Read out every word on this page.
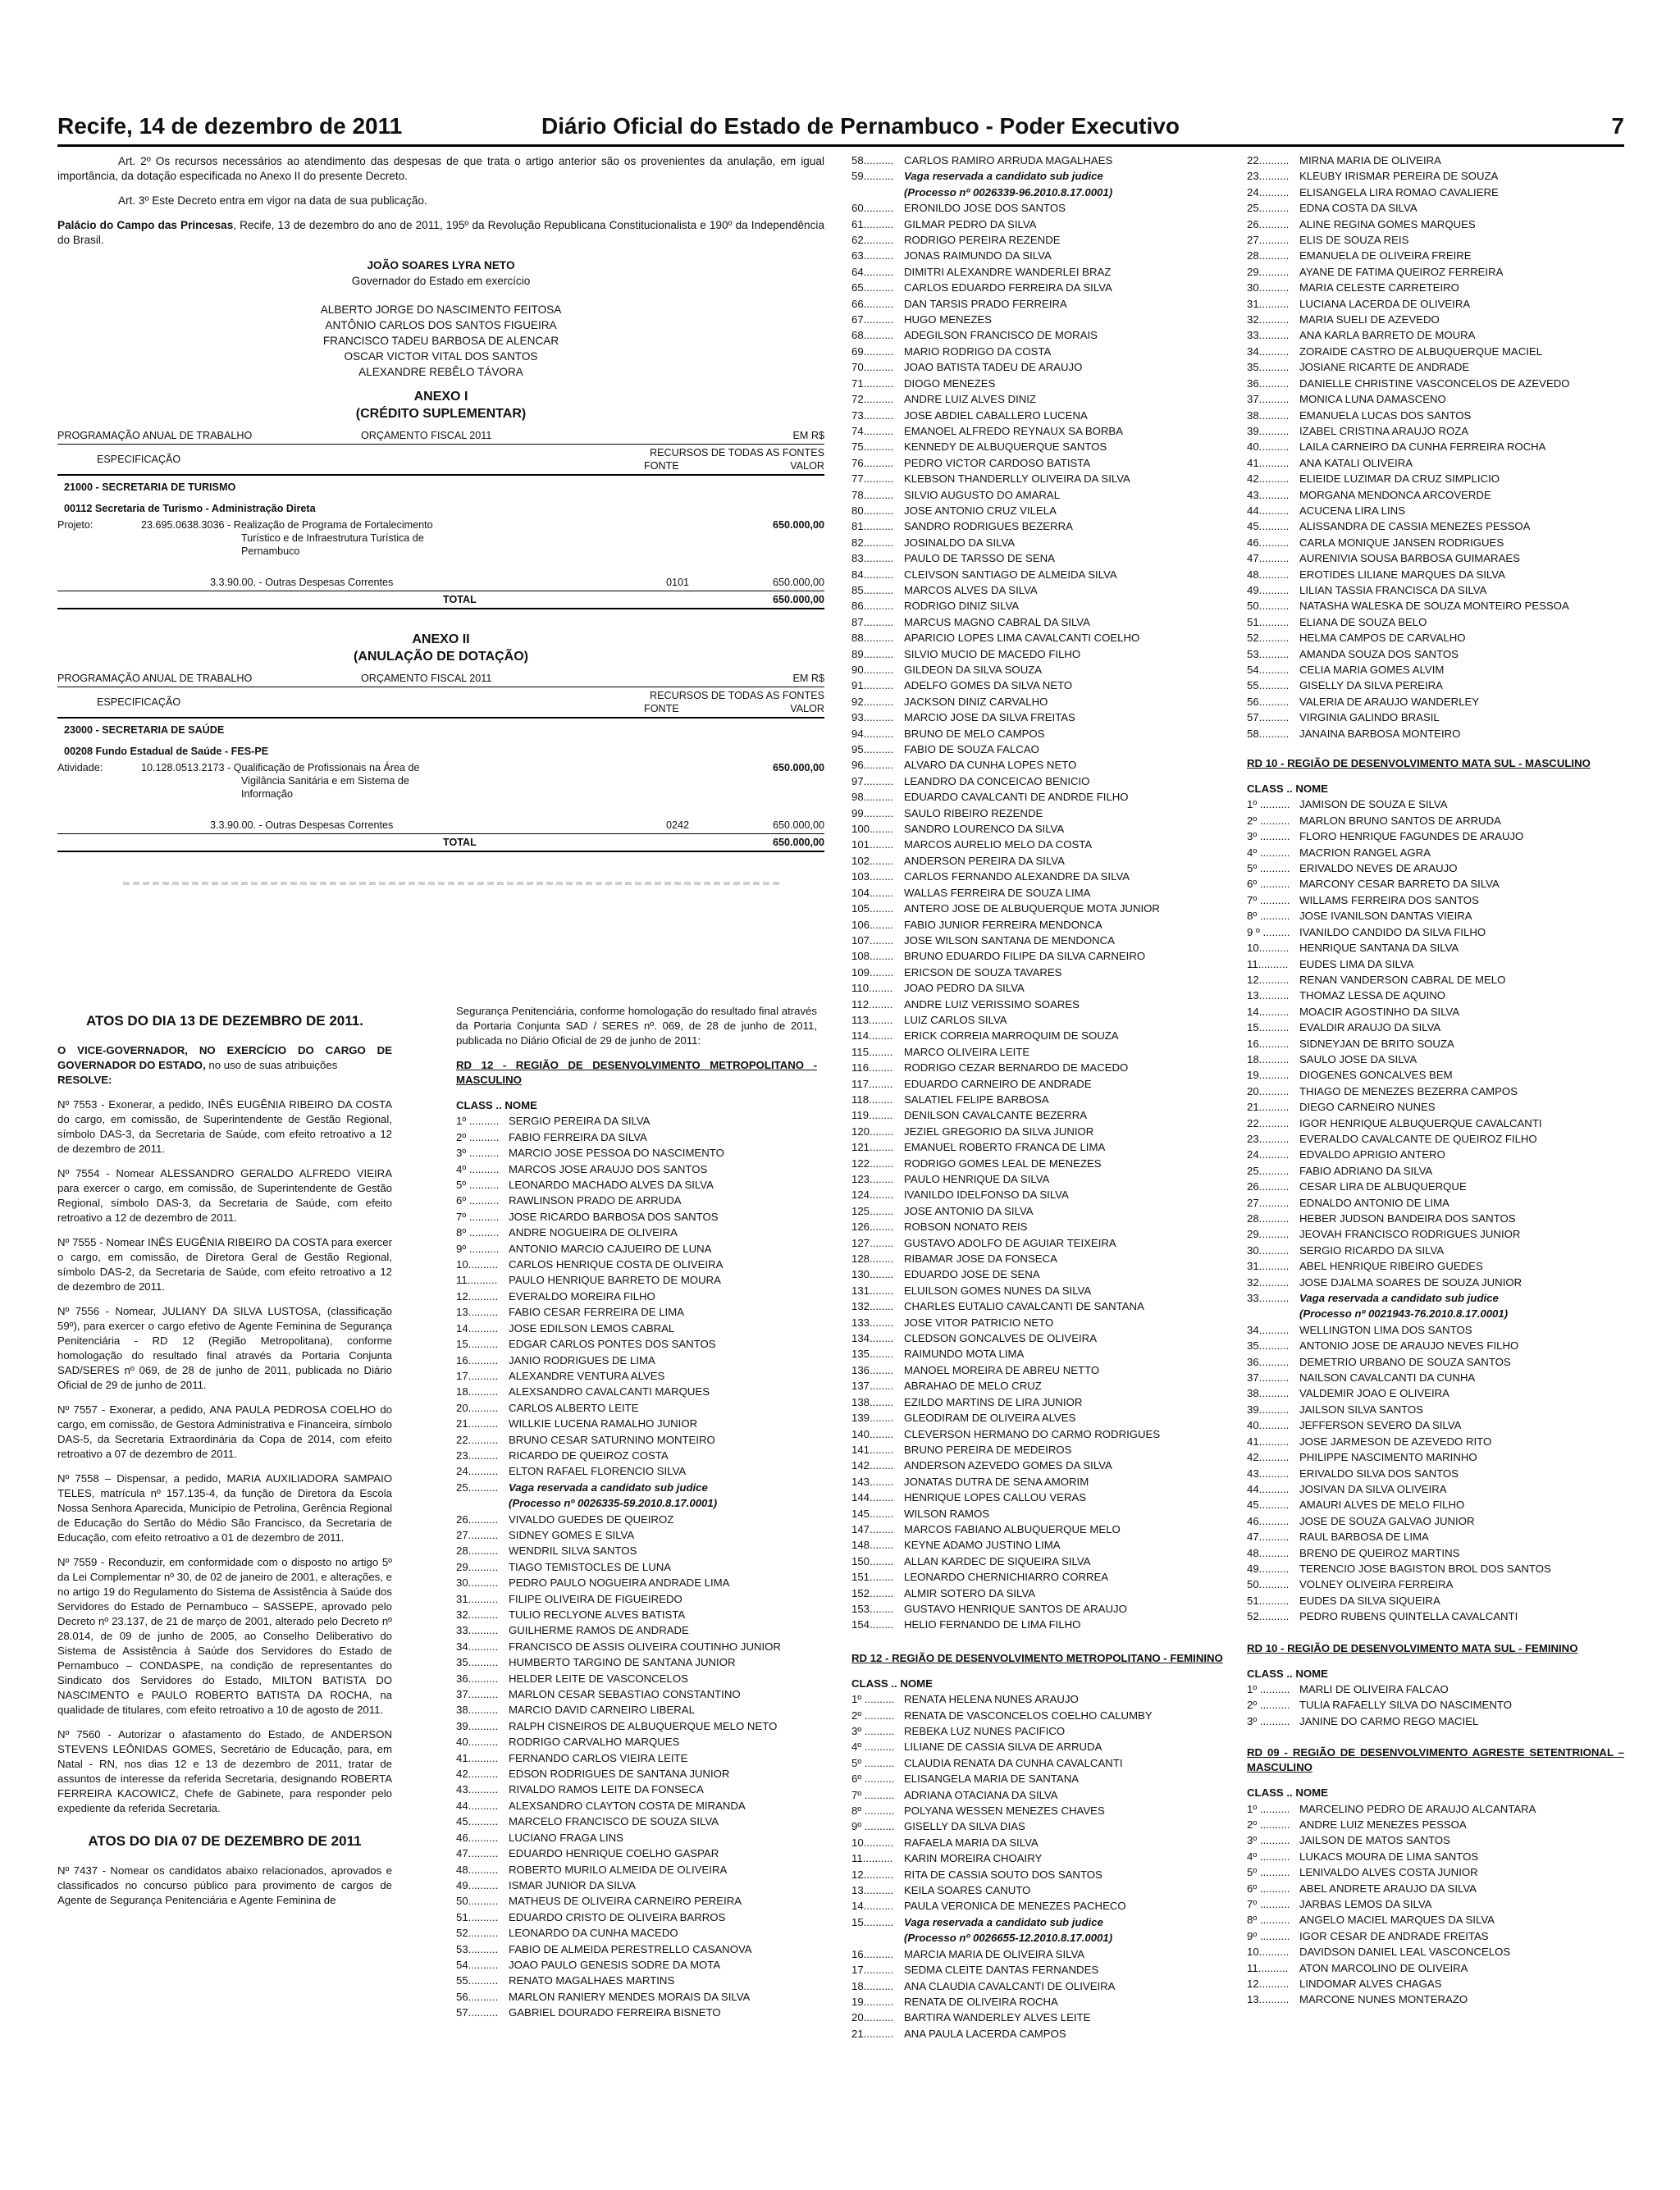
Recife, 14 de dezembro de 2011	Diário Oficial do Estado de Pernambuco - Poder Executivo	7

Art. 2º Os recursos necessários ao atendimento das despesas de que trata o artigo anterior são os provenientes da anulação, em igual importância, da dotação especificada no Anexo II do presente Decreto.

Art. 3º Este Decreto entra em vigor na data de sua publicação.

Palácio do Campo das Princesas, Recife, 13 de dezembro do ano de 2011, 195º da Revolução Republicana Constitucionalista e 190º da Independência do Brasil.

JOÃO SOARES LYRA NETO
Governador do Estado em exercício
ALBERTO JORGE DO NASCIMENTO FEITOSA
ANTÔNIO CARLOS DOS SANTOS FIGUEIRA
FRANCISCO TADEU BARBOSA DE ALENCAR
OSCAR VICTOR VITAL DOS SANTOS
ALEXANDRE REBÊLO TÁVORA
ANEXO I
(CRÉDITO SUPLEMENTAR)
PROGRAMAÇÃO ANUAL DE TRABALHO	ORÇAMENTO FISCAL 2011	EM R$
ESPECIFICAÇÃO
RECURSOS DE TODAS AS FONTES
FONTE	VALOR
21000 - SECRETARIA DE TURISMO
00112 Secretaria de Turismo - Administração Direta
Projeto:	23.695.0638.3036 - Realização de Programa de Fortalecimento
Turístico e de Infraestrutura Turística de
Pernambuco
650.000,00
3.3.90.00. - Outras Despesas Correntes	0101	650.000,00
TOTAL	650.000,00
ANEXO II
(ANULAÇÃO DE DOTAÇÃO)
PROGRAMAÇÃO ANUAL DE TRABALHO	ORÇAMENTO FISCAL 2011	EM R$
ESPECIFICAÇÃO
RECURSOS DE TODAS AS FONTES
FONTE	VALOR
23000 - SECRETARIA DE SAÚDE
00208 Fundo Estadual de Saúde - FES-PE
Atividade:	10.128.0513.2173 - Qualificação de Profissionais na Área de
Vigilância Sanitária e em Sistema de
Informação
650.000,00
3.3.90.00. - Outras Despesas Correntes	0242	650.000,00
TOTAL	650.000,00
ATOS DO DIA 13 DE DEZEMBRO DE 2011.

O VICE-GOVERNADOR, NO EXERCÍCIO DO CARGO DE GOVERNADOR DO ESTADO, no uso de suas atribuições
RESOLVE:

Nº 7553 - Exonerar, a pedido, INÊS EUGÊNIA RIBEIRO DA COSTA do cargo, em comissão, de Superintendente de Gestão Regional, símbolo DAS-3, da Secretaria de Saúde, com efeito retroativo a 12 de dezembro de 2011.

Nº 7554 - Nomear ALESSANDRO GERALDO ALFREDO VIEIRA para exercer o cargo, em comissão, de Superintendente de Gestão Regional, símbolo DAS-3, da Secretaria de Saúde, com efeito retroativo a 12 de dezembro de 2011.

Nº 7555 - Nomear INÊS EUGÊNIA RIBEIRO DA COSTA para exercer o cargo, em comissão, de Diretora Geral de Gestão Regional, símbolo DAS-2, da Secretaria de Saúde, com efeito retroativo a 12 de dezembro de 2011.

Nº 7556 - Nomear, JULIANY DA SILVA LUSTOSA, (classificação 59º), para exercer o cargo efetivo de Agente Feminina de Segurança Penitenciária - RD 12 (Região Metropolitana), conforme homologação do resultado final através da Portaria Conjunta SAD/SERES nº 069, de 28 de junho de 2011, publicada no Diário Oficial de 29 de junho de 2011.

Nº 7557 - Exonerar, a pedido, ANA PAULA PEDROSA COELHO do cargo, em comissão, de Gestora Administrativa e Financeira, símbolo DAS-5, da Secretaria Extraordinária da Copa de 2014, com efeito retroativo a 07 de dezembro de 2011.

Nº 7558 – Dispensar, a pedido, MARIA AUXILIADORA SAMPAIO TELES, matrícula nº 157.135-4, da função de Diretora da Escola Nossa Senhora Aparecida, Município de Petrolina, Gerência Regional de Educação do Sertão do Médio São Francisco, da Secretaria de Educação, com efeito retroativo a 01 de dezembro de 2011.

Nº 7559 - Reconduzir, em conformidade com o disposto no artigo 5º da Lei Complementar nº 30, de 02 de janeiro de 2001, e alterações, e no artigo 19 do Regulamento do Sistema de Assistência à Saúde dos Servidores do Estado de Pernambuco – SASSEPE, aprovado pelo Decreto nº 23.137, de 21 de março de 2001, alterado pelo Decreto nº 28.014, de 09 de junho de 2005, ao Conselho Deliberativo do Sistema de Assistência à Saúde dos Servidores do Estado de Pernambuco – CONDASPE, na condição de representantes do Sindicato dos Servidores do Estado, MILTON BATISTA DO NASCIMENTO e PAULO ROBERTO BATISTA DA ROCHA, na qualidade de titulares, com efeito retroativo a 10 de agosto de 2011.

Nº 7560 - Autorizar o afastamento do Estado, de ANDERSON STEVENS LEÔNIDAS GOMES, Secretário de Educação, para, em Natal - RN, nos dias 12 e 13 de dezembro de 2011, tratar de assuntos de interesse da referida Secretaria, designando ROBERTA FERREIRA KACOWICZ, Chefe de Gabinete, para responder pelo expediente da referida Secretaria.

ATOS DO DIA 07 DE DEZEMBRO DE 2011

Nº 7437 - Nomear os candidatos abaixo relacionados, aprovados e classificados no concurso público para provimento de cargos de Agente de Segurança Penitenciária e Agente Feminina de

Segurança Penitenciária, conforme homologação do resultado final através da Portaria Conjunta SAD / SERES nº. 069, de 28 de junho de 2011, publicada no Diário Oficial de 29 de junho de 2011:

RD 12 - REGIÃO DE DESENVOLVIMENTO METROPOLITANO - MASCULINO
CLASS .. NOME
1º .......... SERGIO PEREIRA DA SILVA
2º .......... FABIO FERREIRA DA SILVA
3º .......... MARCIO JOSE PESSOA DO NASCIMENTO
4º .......... MARCOS JOSE ARAUJO DOS SANTOS
5º .......... LEONARDO MACHADO ALVES DA SILVA
6º .......... RAWLINSON PRADO DE ARRUDA
7º .......... JOSE RICARDO BARBOSA DOS SANTOS
8º .......... ANDRE NOGUEIRA DE OLIVEIRA
9º .......... ANTONIO MARCIO CAJUEIRO DE LUNA
10.......... CARLOS HENRIQUE COSTA DE OLIVEIRA
11.......... PAULO HENRIQUE BARRETO DE MOURA
12.......... EVERALDO MOREIRA FILHO
13.......... FABIO CESAR FERREIRA DE LIMA
14.......... JOSE EDILSON LEMOS CABRAL
15.......... EDGAR CARLOS PONTES DOS SANTOS
16.......... JANIO RODRIGUES DE LIMA
17.......... ALEXANDRE VENTURA ALVES
18.......... ALEXSANDRO CAVALCANTI MARQUES
20.......... CARLOS ALBERTO LEITE
21.......... WILLKIE LUCENA RAMALHO JUNIOR
22.......... BRUNO CESAR SATURNINO MONTEIRO
23.......... RICARDO DE QUEIROZ COSTA
24.......... ELTON RAFAEL FLORENCIO SILVA
25.......... Vaga reservada a candidato sub judice
(Processo nº 0026335-59.2010.8.17.0001)
26.......... VIVALDO GUEDES DE QUEIROZ
27.......... SIDNEY GOMES E SILVA
28.......... WENDRIL SILVA SANTOS
29.......... TIAGO TEMISTOCLES DE LUNA
30.......... PEDRO PAULO NOGUEIRA ANDRADE LIMA
31.......... FILIPE OLIVEIRA DE FIGUEIREDO
32.......... TULIO RECLYONE ALVES BATISTA
33.......... GUILHERME RAMOS DE ANDRADE
34.......... FRANCISCO DE ASSIS OLIVEIRA COUTINHO JUNIOR
35.......... HUMBERTO TARGINO DE SANTANA JUNIOR
36.......... HELDER LEITE DE VASCONCELOS
37.......... MARLON CESAR SEBASTIAO CONSTANTINO
38.......... MARCIO DAVID CARNEIRO LIBERAL
39.......... RALPH CISNEIROS DE ALBUQUERQUE MELO NETO
40.......... RODRIGO CARVALHO MARQUES
41.......... FERNANDO CARLOS VIEIRA LEITE
42.......... EDSON RODRIGUES DE SANTANA JUNIOR
43.......... RIVALDO RAMOS LEITE DA FONSECA
44.......... ALEXSANDRO CLAYTON COSTA DE MIRANDA
45.......... MARCELO FRANCISCO DE SOUZA SILVA
46.......... LUCIANO FRAGA LINS
47.......... EDUARDO HENRIQUE COELHO GASPAR
48.......... ROBERTO MURILO ALMEIDA DE OLIVEIRA
49.......... ISMAR JUNIOR DA SILVA
50.......... MATHEUS DE OLIVEIRA CARNEIRO PEREIRA
51.......... EDUARDO CRISTO DE OLIVEIRA BARROS
52.......... LEONARDO DA CUNHA MACEDO
53.......... FABIO DE ALMEIDA PERESTRELLO CASANOVA
54.......... JOAO PAULO GENESIS SODRE DA MOTA
55.......... RENATO MAGALHAES MARTINS
56.......... MARLON RANIERY MENDES MORAIS DA SILVA
57.......... GABRIEL DOURADO FERREIRA BISNETO
58.......... CARLOS RAMIRO ARRUDA MAGALHAES
59.......... Vaga reservada a candidato sub judice
(Processo nº 0026339-96.2010.8.17.0001)
60.......... ERONILDO JOSE DOS SANTOS
61.......... GILMAR PEDRO DA SILVA
62.......... RODRIGO PEREIRA REZENDE
63.......... JONAS RAIMUNDO DA SILVA
64.......... DIMITRI ALEXANDRE WANDERLEI BRAZ
65.......... CARLOS EDUARDO FERREIRA DA SILVA
66.......... DAN TARSIS PRADO FERREIRA
67.......... HUGO MENEZES
68.......... ADEGILSON FRANCISCO DE MORAIS
69.......... MARIO RODRIGO DA COSTA
70.......... JOAO BATISTA TADEU DE ARAUJO
71.......... DIOGO MENEZES
72.......... ANDRE LUIZ ALVES DINIZ
73.......... JOSE ABDIEL CABALLERO LUCENA
74.......... EMANOEL ALFREDO REYNAUX SA BORBA
75.......... KENNEDY DE ALBUQUERQUE SANTOS
76.......... PEDRO VICTOR CARDOSO BATISTA
77.......... KLEBSON THANDERLLY OLIVEIRA DA SILVA
78.......... SILVIO AUGUSTO DO AMARAL
80.......... JOSE ANTONIO CRUZ VILELA
81.......... SANDRO RODRIGUES BEZERRA
82.......... JOSINALDO DA SILVA
83.......... PAULO DE TARSSO DE SENA
84.......... CLEIVSON SANTIAGO DE ALMEIDA SILVA
85.......... MARCOS ALVES DA SILVA
86.......... RODRIGO DINIZ SILVA
87.......... MARCUS MAGNO CABRAL DA SILVA
88.......... APARICIO LOPES LIMA CAVALCANTI COELHO
89.......... SILVIO MUCIO DE MACEDO FILHO
90.......... GILDEON DA SILVA SOUZA
91.......... ADELFO GOMES DA SILVA NETO
92.......... JACKSON DINIZ CARVALHO
93.......... MARCIO JOSE DA SILVA FREITAS
94.......... BRUNO DE MELO CAMPOS
95.......... FABIO DE SOUZA FALCAO
96.......... ALVARO DA CUNHA LOPES NETO
97.......... LEANDRO DA CONCEICAO BENICIO
98.......... EDUARDO CAVALCANTI DE ANDRDE FILHO
99.......... SAULO RIBEIRO REZENDE
100........ SANDRO LOURENCO DA SILVA
101........ MARCOS AURELIO MELO DA COSTA
102........ ANDERSON PEREIRA DA SILVA
103........ CARLOS FERNANDO ALEXANDRE DA SILVA
104........ WALLAS FERREIRA DE SOUZA LIMA
105........ ANTERO JOSE DE ALBUQUERQUE MOTA JUNIOR
106........ FABIO JUNIOR FERREIRA MENDONCA
107........ JOSE WILSON SANTANA DE MENDONCA
108........ BRUNO EDUARDO FILIPE DA SILVA CARNEIRO
109........ ERICSON DE SOUZA TAVARES
110........ JOAO PEDRO DA SILVA
112........ ANDRE LUIZ VERISSIMO SOARES
113........ LUIZ CARLOS SILVA
114........ ERICK CORREIA MARROQUIM DE SOUZA
115........ MARCO OLIVEIRA LEITE
116........ RODRIGO CEZAR BERNARDO DE MACEDO
117........ EDUARDO CARNEIRO DE ANDRADE
118........ SALATIEL FELIPE BARBOSA
119........ DENILSON CAVALCANTE BEZERRA
120........ JEZIEL GREGORIO DA SILVA JUNIOR
121........ EMANUEL ROBERTO FRANCA DE LIMA
122........ RODRIGO GOMES LEAL DE MENEZES
123........ PAULO HENRIQUE DA SILVA
124........ IVANILDO IDELFONSO DA SILVA
125........ JOSE ANTONIO DA SILVA
126........ ROBSON NONATO REIS
127........ GUSTAVO ADOLFO DE AGUIAR TEIXEIRA
128........ RIBAMAR JOSE DA FONSECA
130........ EDUARDO JOSE DE SENA
131........ ELUILSON GOMES NUNES DA SILVA
132........ CHARLES EUTALIO CAVALCANTI DE SANTANA
133........ JOSE VITOR PATRICIO NETO
134........ CLEDSON GONCALVES DE OLIVEIRA
135........ RAIMUNDO MOTA LIMA
136........ MANOEL MOREIRA DE ABREU NETTO
137........ ABRAHAO DE MELO CRUZ
138........ EZILDO MARTINS DE LIRA JUNIOR
139........ GLEODIRAM DE OLIVEIRA ALVES
140........ CLEVERSON HERMANO DO CARMO RODRIGUES
141........ BRUNO PEREIRA DE MEDEIROS
142........ ANDERSON AZEVEDO GOMES DA SILVA
143........ JONATAS DUTRA DE SENA AMORIM
144........ HENRIQUE LOPES CALLOU VERAS
145........ WILSON RAMOS
147........ MARCOS FABIANO ALBUQUERQUE MELO
148........ KEYNE ADAMO JUSTINO LIMA
150........ ALLAN KARDEC DE SIQUEIRA SILVA
151........ LEONARDO CHERNICHIARRO CORREA
152........ ALMIR SOTERO DA SILVA
153........ GUSTAVO HENRIQUE SANTOS DE ARAUJO
154........ HELIO FERNANDO DE LIMA FILHO
RD 12 - REGIÃO DE DESENVOLVIMENTO METROPOLITANO - FEMININO
CLASS .. NOME
1º .......... RENATA HELENA NUNES ARAUJO
2º .......... RENATA DE VASCONCELOS COELHO CALUMBY
3º .......... REBEKA LUZ NUNES PACIFICO
4º .......... LILIANE DE CASSIA SILVA DE ARRUDA
5º .......... CLAUDIA RENATA DA CUNHA CAVALCANTI
6º .......... ELISANGELA MARIA DE SANTANA
7º .......... ADRIANA OTACIANA DA SILVA
8º .......... POLYANA WESSEN MENEZES CHAVES
9º .......... GISELLY DA SILVA DIAS
10.......... RAFAELA MARIA DA SILVA
11.......... KARIN MOREIRA CHOAIRY
12.......... RITA DE CASSIA SOUTO DOS SANTOS
13.......... KEILA SOARES CANUTO
14.......... PAULA VERONICA DE MENEZES PACHECO
15.......... Vaga reservada a candidato sub judice
(Processo nº 0026655-12.2010.8.17.0001)
16.......... MARCIA MARIA DE OLIVEIRA SILVA
17.......... SEDMA CLEITE DANTAS FERNANDES
18.......... ANA CLAUDIA CAVALCANTI DE OLIVEIRA
19.......... RENATA DE OLIVEIRA ROCHA
20.......... BARTIRA WANDERLEY ALVES LEITE
21.......... ANA PAULA LACERDA CAMPOS
22.......... MIRNA MARIA DE OLIVEIRA
23.......... KLEUBY IRISMAR PEREIRA DE SOUZA
24.......... ELISANGELA LIRA ROMAO CAVALIERE
25.......... EDNA COSTA DA SILVA
26.......... ALINE REGINA GOMES MARQUES
27.......... ELIS DE SOUZA REIS
28.......... EMANUELA DE OLIVEIRA FREIRE
29.......... AYANE DE FATIMA QUEIROZ FERREIRA
30.......... MARIA CELESTE CARRETEIRO
31.......... LUCIANA LACERDA DE OLIVEIRA
32.......... MARIA SUELI DE AZEVEDO
33.......... ANA KARLA BARRETO DE MOURA
34.......... ZORAIDE CASTRO DE ALBUQUERQUE MACIEL
35.......... JOSIANE RICARTE DE ANDRADE
36.......... DANIELLE CHRISTINE VASCONCELOS DE AZEVEDO
37.......... MONICA LUNA DAMASCENO
38.......... EMANUELA LUCAS DOS SANTOS
39.......... IZABEL CRISTINA ARAUJO ROZA
40.......... LAILA CARNEIRO DA CUNHA FERREIRA ROCHA
41.......... ANA KATALI OLIVEIRA
42.......... ELIEIDE LUZIMAR DA CRUZ SIMPLICIO
43.......... MORGANA MENDONCA ARCOVERDE
44.......... ACUCENA LIRA LINS
45.......... ALISSANDRA DE CASSIA MENEZES PESSOA
46.......... CARLA MONIQUE JANSEN RODRIGUES
47.......... AURENIVIA SOUSA BARBOSA GUIMARAES
48.......... EROTIDES LILIANE MARQUES DA SILVA
49.......... LILIAN TASSIA FRANCISCA DA SILVA
50.......... NATASHA WALESKA DE SOUZA MONTEIRO PESSOA
51.......... ELIANA DE SOUZA BELO
52.......... HELMA CAMPOS DE CARVALHO
53.......... AMANDA SOUZA DOS SANTOS
54.......... CELIA MARIA GOMES ALVIM
55.......... GISELLY DA SILVA PEREIRA
56.......... VALERIA DE ARAUJO WANDERLEY
57.......... VIRGINIA GALINDO BRASIL
58.......... JANAINA BARBOSA MONTEIRO
RD 10 - REGIÃO DE DESENVOLVIMENTO MATA SUL - MASCULINO
CLASS .. NOME
1º .......... JAMISON DE SOUZA E SILVA
2º .......... MARLON BRUNO SANTOS DE ARRUDA
3º .......... FLORO HENRIQUE FAGUNDES DE ARAUJO
4º .......... MACRION RANGEL AGRA
5º .......... ERIVALDO NEVES DE ARAUJO
6º .......... MARCONY CESAR BARRETO DA SILVA
7º .......... WILLAMS FERREIRA DOS SANTOS
8º .......... JOSE IVANILSON DANTAS VIEIRA
9 º ......... IVANILDO CANDIDO DA SILVA FILHO
10.......... HENRIQUE SANTANA DA SILVA
11.......... EUDES LIMA DA SILVA
12.......... RENAN VANDERSON CABRAL DE MELO
13.......... THOMAZ LESSA DE AQUINO
14.......... MOACIR AGOSTINHO DA SILVA
15.......... EVALDIR ARAUJO DA SILVA
16.......... SIDNEYJAN DE BRITO SOUZA
18.......... SAULO JOSE DA SILVA
19.......... DIOGENES GONCALVES BEM
20.......... THIAGO DE MENEZES BEZERRA CAMPOS
21.......... DIEGO CARNEIRO NUNES
22.......... IGOR HENRIQUE ALBUQUERQUE CAVALCANTI
23.......... EVERALDO CAVALCANTE DE QUEIROZ FILHO
24.......... EDVALDO APRIGIO ANTERO
25.......... FABIO ADRIANO DA SILVA
26.......... CESAR LIRA DE ALBUQUERQUE
27.......... EDNALDO ANTONIO DE LIMA
28.......... HEBER JUDSON BANDEIRA DOS SANTOS
29.......... JEOVAH FRANCISCO RODRIGUES JUNIOR
30.......... SERGIO RICARDO DA SILVA
31.......... ABEL HENRIQUE RIBEIRO GUEDES
32.......... JOSE DJALMA SOARES DE SOUZA JUNIOR
33.......... Vaga reservada a candidato sub judice
(Processo nº 0021943-76.2010.8.17.0001)
34.......... WELLINGTON LIMA DOS SANTOS
35.......... ANTONIO JOSE DE ARAUJO NEVES FILHO
36.......... DEMETRIO URBANO DE SOUZA SANTOS
37.......... NAILSON CAVALCANTI DA CUNHA
38.......... VALDEMIR JOAO E OLIVEIRA
39.......... JAILSON SILVA SANTOS
40.......... JEFFERSON SEVERO DA SILVA
41.......... JOSE JARMESON DE AZEVEDO RITO
42.......... PHILIPPE NASCIMENTO MARINHO
43.......... ERIVALDO SILVA DOS SANTOS
44.......... JOSIVAN DA SILVA OLIVEIRA
45.......... AMAURI ALVES DE MELO FILHO
46.......... JOSE DE SOUZA GALVAO JUNIOR
47.......... RAUL BARBOSA DE LIMA
48.......... BRENO DE QUEIROZ MARTINS
49.......... TERENCIO JOSE BAGISTON BROL DOS SANTOS
50.......... VOLNEY OLIVEIRA FERREIRA
51.......... EUDES DA SILVA SIQUEIRA
52.......... PEDRO RUBENS QUINTELLA CAVALCANTI
RD 10 - REGIÃO DE DESENVOLVIMENTO MATA SUL - FEMININO
CLASS .. NOME
1º .......... MARLI DE OLIVEIRA FALCAO
2º .......... TULIA RAFAELLY SILVA DO NASCIMENTO
3º .......... JANINE DO CARMO REGO MACIEL
RD 09 - REGIÃO DE DESENVOLVIMENTO AGRESTE SETENTRIONAL – MASCULINO
CLASS .. NOME
1º .......... MARCELINO PEDRO DE ARAUJO ALCANTARA
2º .......... ANDRE LUIZ MENEZES PESSOA
3º .......... JAILSON DE MATOS SANTOS
4º .......... LUKACS MOURA DE LIMA SANTOS
5º .......... LENIVALDO ALVES COSTA JUNIOR
6º .......... ABEL ANDRETE ARAUJO DA SILVA
7º .......... JARBAS LEMOS DA SILVA
8º .......... ANGELO MACIEL MARQUES DA SILVA
9º .......... IGOR CESAR DE ANDRADE FREITAS
10.......... DAVIDSON DANIEL LEAL VASCONCELOS
11.......... ATON MARCOLINO DE OLIVEIRA
12.......... LINDOMAR ALVES CHAGAS
13.......... MARCONE NUNES MONTERAZO
